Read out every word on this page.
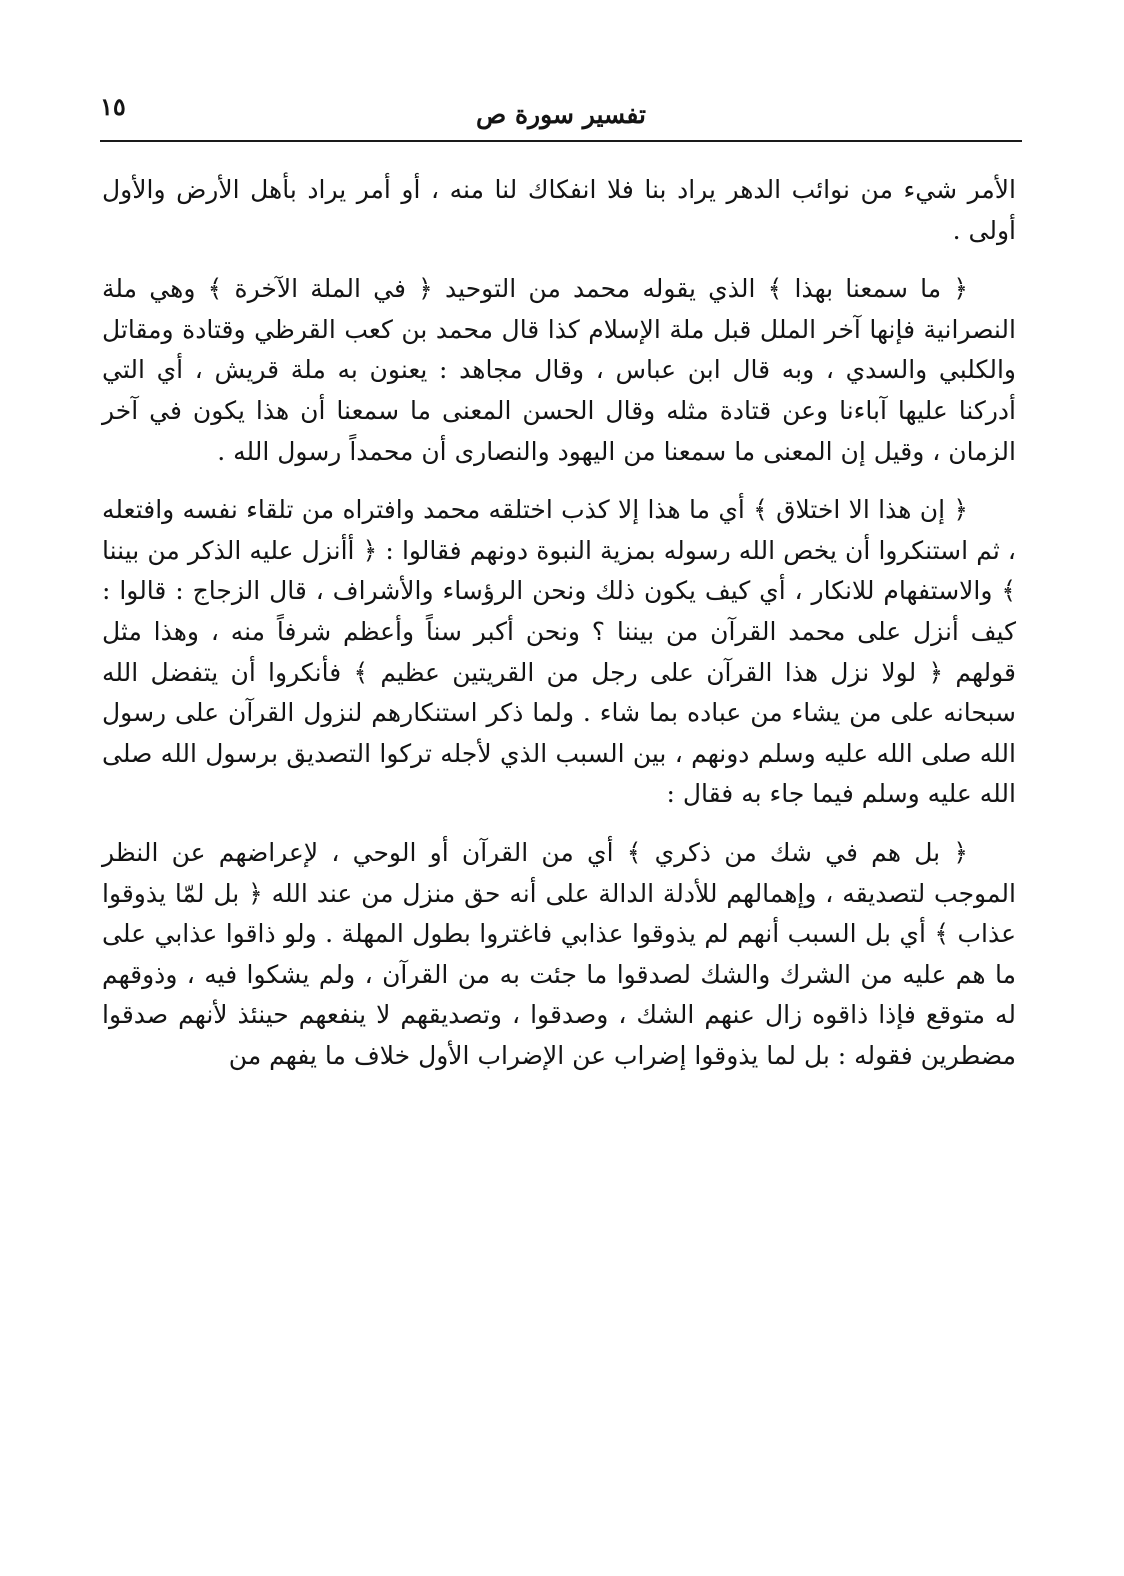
تفسير سورة ص
١٥

الأمر شيء من نوائب الدهر يراد بنا فلا انفكاك لنا منه ، أو أمر يراد بأهل الأرض والأول أولى .

﴿ ما سمعنا بهذا ﴾ الذي يقوله محمد من التوحيد ﴿ في الملة الآخرة ﴾ وهي ملة النصرانية فإنها آخر الملل قبل ملة الإسلام كذا قال محمد بن كعب القرظي وقتادة ومقاتل والكلبي والسدي ، وبه قال ابن عباس ، وقال مجاهد : يعنون به ملة قريش ، أي التي أدركنا عليها آباءنا وعن قتادة مثله وقال الحسن المعنى ما سمعنا أن هذا يكون في آخر الزمان ، وقيل إن المعنى ما سمعنا من اليهود والنصارى أن محمداً رسول الله .

﴿ إن هذا الا اختلاق ﴾ أي ما هذا إلا كذب اختلقه محمد وافتراه من تلقاء نفسه وافتعله ، ثم استنكروا أن يخص الله رسوله بمزية النبوة دونهم فقالوا : ﴿ أأنزل عليه الذكر من بيننا ﴾ والاستفهام للانكار ، أي كيف يكون ذلك ونحن الرؤساء والأشراف ، قال الزجاج : قالوا : كيف أنزل على محمد القرآن من بيننا ؟ ونحن أكبر سناً وأعظم شرفاً منه ، وهذا مثل قولهم ﴿ لولا نزل هذا القرآن على رجل من القريتين عظيم ﴾ فأنكروا أن يتفضل الله سبحانه على من يشاء من عباده بما شاء . ولما ذكر استنكارهم لنزول القرآن على رسول الله صلى الله عليه وسلم دونهم ، بين السبب الذي لأجله تركوا التصديق برسول الله صلى الله عليه وسلم فيما جاء به فقال :

﴿ بل هم في شك من ذكري ﴾ أي من القرآن أو الوحي ، لإعراضهم عن النظر الموجب لتصديقه ، وإهمالهم للأدلة الدالة على أنه حق منزل من عند الله ﴿ بل لمّا يذوقوا عذاب ﴾ أي بل السبب أنهم لم يذوقوا عذابي فاغتروا بطول المهلة . ولو ذاقوا عذابي على ما هم عليه من الشرك والشك لصدقوا ما جئت به من القرآن ، ولم يشكوا فيه ، وذوقهم له متوقع فإذا ذاقوه زال عنهم الشك ، وصدقوا ، وتصديقهم لا ينفعهم حينئذ لأنهم صدقوا مضطرين فقوله : بل لما يذوقوا إضراب عن الإضراب الأول خلاف ما يفهم من
